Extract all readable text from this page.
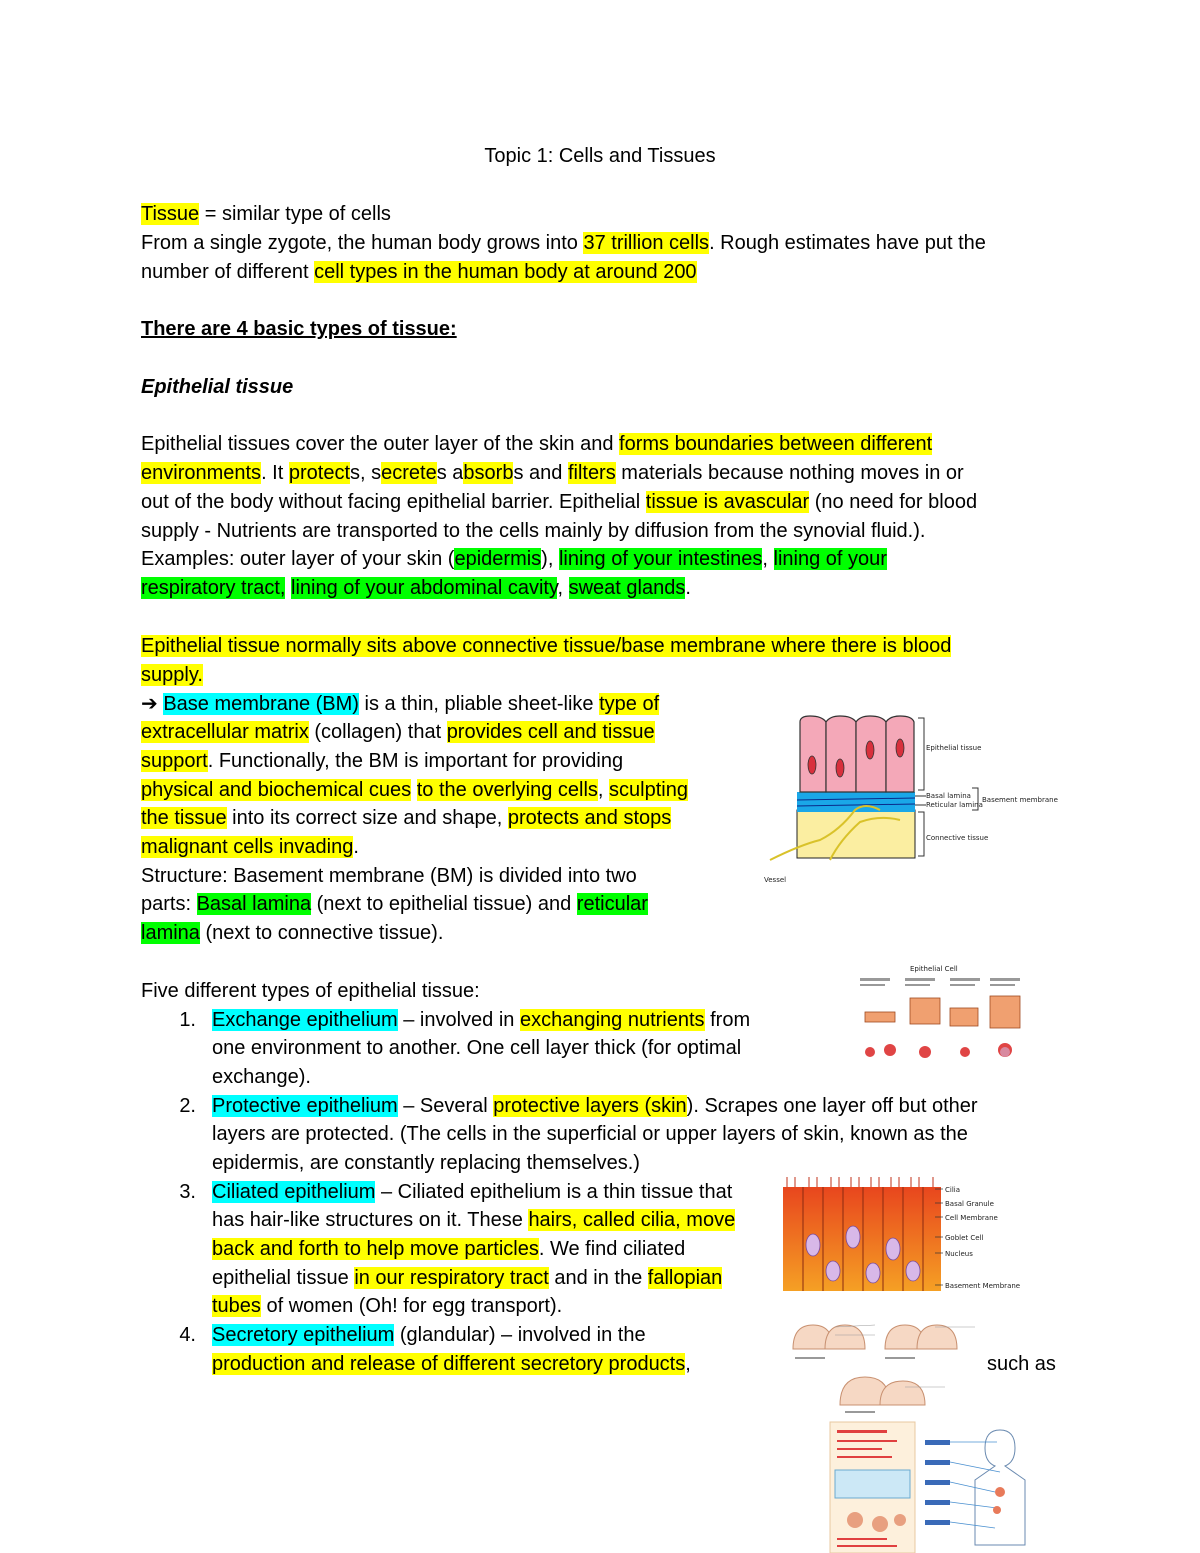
Topic 1: Cells and Tissues
Tissue = similar type of cells
From a single zygote, the human body grows into 37 trillion cells. Rough estimates have put the
number of different cell types in the human body at around 200
There are 4 basic types of tissue:
Epithelial tissue
Epithelial tissues cover the outer layer of the skin and forms boundaries between different
environments. It protects, secretes absorbs and filters materials because nothing moves in or
out of the body without facing epithelial barrier. Epithelial tissue is avascular (no need for blood
supply - Nutrients are transported to the cells mainly by diffusion from the synovial fluid.).
Examples: outer layer of your skin (epidermis), lining of your intestines, lining of your
respiratory tract, lining of your abdominal cavity, sweat glands.
Epithelial tissue normally sits above connective tissue/base membrane where there is blood
supply.
➔ Base membrane (BM) is a thin, pliable sheet-like type of
extracellular matrix (collagen) that provides cell and tissue
support. Functionally, the BM is important for providing
physical and biochemical cues to the overlying cells, sculpting
the tissue into its correct size and shape, protects and stops
malignant cells invading.
Structure: Basement membrane (BM) is divided into two
parts: Basal lamina (next to epithelial tissue) and reticular
lamina (next to connective tissue).
Five different types of epithelial tissue:
1. Exchange epithelium – involved in exchanging nutrients from
one environment to another. One cell layer thick (for optimal
exchange).
2. Protective epithelium – Several protective layers (skin). Scrapes one layer off but other
layers are protected. (The cells in the superficial or upper layers of skin, known as the
epidermis, are constantly replacing themselves.)
3. Ciliated epithelium – Ciliated epithelium is a thin tissue that
has hair-like structures on it. These hairs, called cilia, move
back and forth to help move particles. We find ciliated
epithelial tissue in our respiratory tract and in the fallopian
tubes of women (Oh! for egg transport).
4. Secretory epithelium (glandular) – involved in the
production and release of different secretory products,	such as
Epithelial tissue
Basal lamina
Reticular lamina
Basement membrane
Connective tissue
Vessel
Epithelial Cell
Cilia
Basal Granule
Cell Membrane
Goblet Cell
Nucleus
Basement Membrane
